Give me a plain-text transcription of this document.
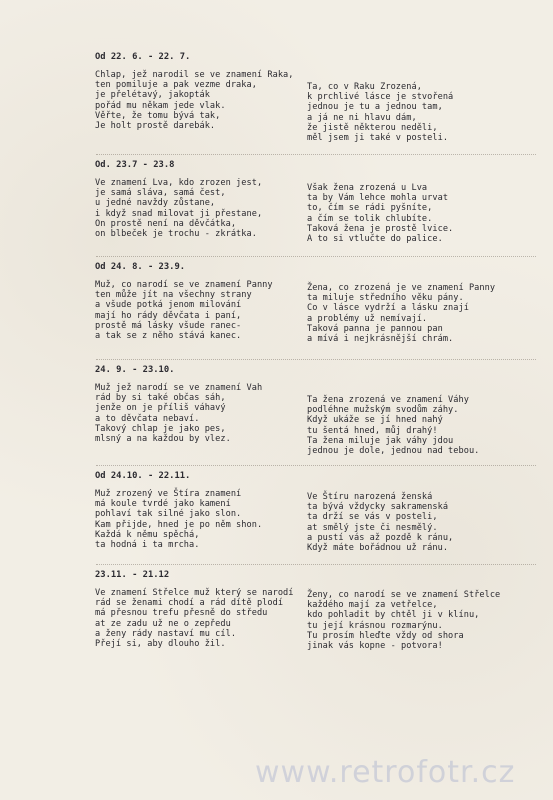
Od 22. 6. - 22. 7.
Chlap, jež narodil se ve znamení Raka,
ten pomiluje a pak vezme draka,
je přelétavý, jakopták
pořád mu někam jede vlak.
Věřte, že tomu bývá tak,
Je holt prostě darebák.
Ta, co v Raku Zrozená,
k prchlivé lásce je stvořená
jednou je tu a jednou tam,
a já ne ni hlavu dám,
že jistě některou neděli,
měl jsem ji také v posteli.
Od. 23.7 - 23.8
Ve znamení Lva, kdo zrozen jest,
je samá sláva, samá čest,
u jedné navždy zůstane,
i když snad milovat ji přestane,
On prostě není na děvčátka,
on blbeček je trochu - zkrátka.
Však žena zrozená u Lva
ta by Vám lehce mohla urvat
to, čím se rádi pyšníte,
a čím se tolik chlubíte.
Taková žena je prostě lvice.
A to si vtlučte do palice.
Od 24. 8. - 23.9.
Muž, co narodí se ve znamení Panny
ten může jít na všechny strany
a všude potká jenom milování
mají ho rády děvčata i paní,
prostě má lásky všude ranec-
a tak se z něho stává kanec.
Žena, co zrozená je ve znamení Panny
ta miluje středního věku pány.
Co v lásce vydrží a lásku znají
a problémy už nemívají.
Taková panna je pannou pan
a mívá i nejkrásnější chrám.
24. 9. - 23.10.
Muž jež narodí se ve znamení Vah
rád by si také občas sáh,
jenže on je příliš váhavý
a to děvčata nebaví.
Takový chlap je jako pes,
mlsný a na každou by vlez.
Ta žena zrozená ve znamení Váhy
podléhne mužským svodům záhy.
Když ukáže se jí hned nahý
tu šentá hned, můj drahý!
Ta žena miluje jak váhy jdou
jednou je dole, jednou nad tebou.
Od 24.10. - 22.11.
Muž zrozený ve Štíra znamení
má koule tvrdé jako kamení
pohlaví tak silné jako slon.
Kam přijde, hned je po něm shon.
Každá k němu spěchá,
ta hodná i ta mrcha.
Ve Štíru narozená ženská
ta bývá vždycky sakramenská
ta drží se vás v posteli,
at smělý jste či nesmělý.
a pustí vás až pozdě k ránu,
Když máte bořádnou už ránu.
23.11. - 21.12
Ve znamení Střelce muž který se narodí
rád se ženami chodí a rád dítě plodí
má přesnou trefu přesně do středu
at ze zadu už ne o zepředu
a ženy rády nastaví mu cíl.
Přejí si, aby dlouho žil.
Ženy, co narodí se ve znamení Střelce
každého mají za vetřelce,
kdo pohladit by chtěl ji v klínu,
tu její krásnou rozmarýnu.
Tu prosím hleďte vždy od shora
jinak vás kopne - potvora!
www.retrofotr.cz
